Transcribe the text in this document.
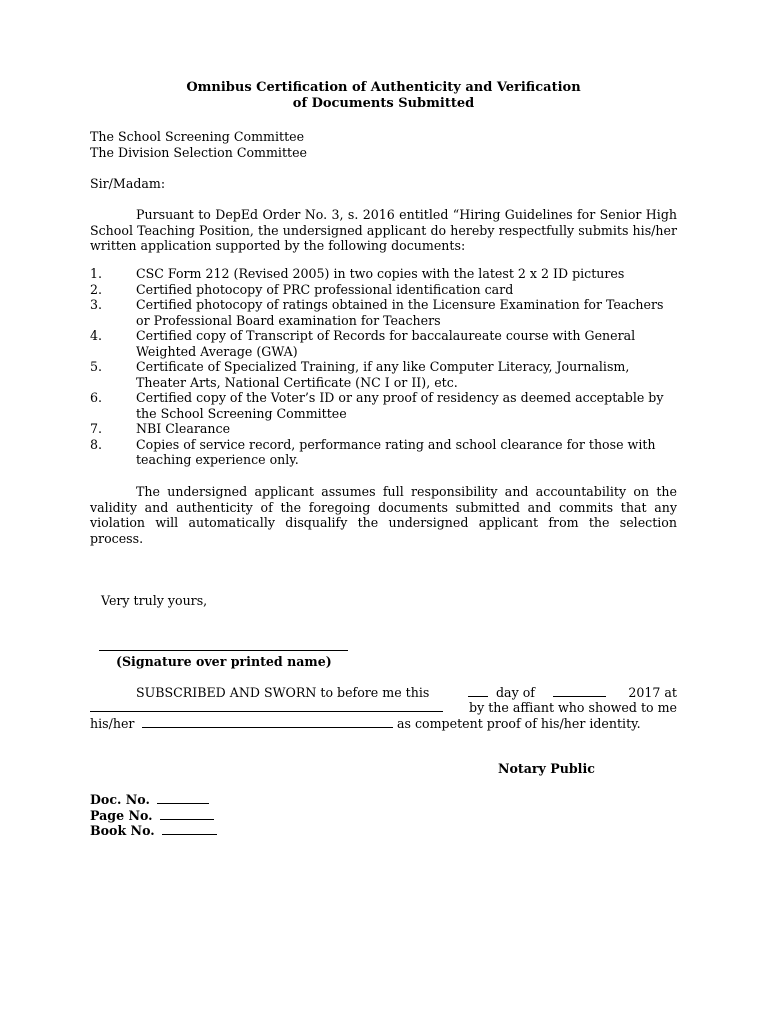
Omnibus Certification of Authenticity and Verification
of Documents Submitted
The School Screening Committee
The Division Selection Committee
Sir/Madam:
Pursuant to DepEd Order No. 3, s. 2016 entitled “Hiring Guidelines for Senior High School Teaching Position, the undersigned applicant do hereby respectfully submits his/her written application supported by the following documents:
1.	CSC Form 212 (Revised 2005) in two copies with the latest 2 x 2 ID pictures
2.	Certified photocopy of PRC professional identification card
3.	Certified photocopy of ratings obtained in the Licensure Examination for Teachers or Professional Board examination for Teachers
4.	Certified copy of Transcript of Records for baccalaureate course with General Weighted Average (GWA)
5.	Certificate of Specialized Training, if any like Computer Literacy, Journalism, Theater Arts, National Certificate (NC I or II), etc.
6.	Certified copy of the Voter’s ID or any proof of residency as deemed acceptable by the School Screening Committee
7.	NBI Clearance
8.	Copies of service record, performance rating and school clearance for those with teaching experience only.
The undersigned applicant assumes full responsibility and accountability on the validity and authenticity of the foregoing documents submitted and commits that any violation will automatically disqualify the undersigned applicant from the selection process.
Very truly yours,
(Signature over printed name)
SUBSCRIBED AND SWORN to before me this	day of	2017 at
by the affiant who showed to me
his/her	as competent proof of his/her identity.
Notary Public
Doc. No.
Page No.
Book No.
